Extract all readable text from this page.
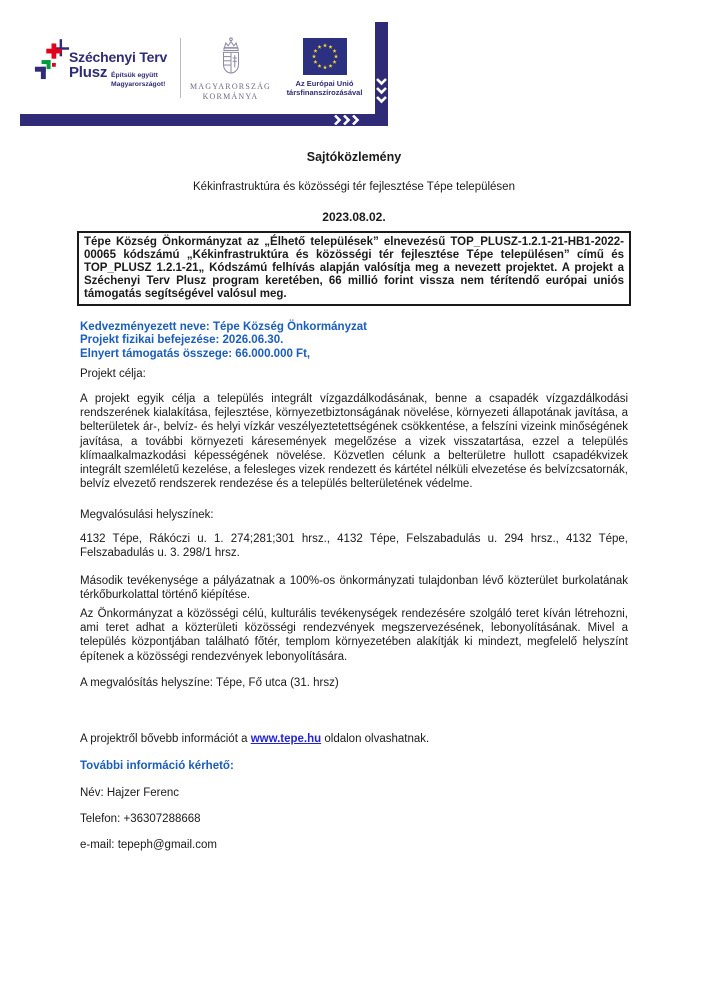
Széchenyi Terv
Plusz Építsük együtt
Magyarországot!	MAGYARORSZÁG
KORMÁNYA
Az Európai Unió
társfinanszírozásával
Sajtóközlemény
Kékinfrastruktúra és közösségi tér fejlesztése Tépe településen
2023.08.02.
Tépe Község Önkormányzat az „Élhető települések” elnevezésű TOP_PLUSZ-1.2.1-21-HB1-2022-00065 kódszámú „Kékinfrastruktúra és közösségi tér fejlesztése Tépe településen” című és TOP_PLUSZ 1.2.1-21„ Kódszámú felhívás alapján valósítja meg a nevezett projektet. A projekt a Széchenyi Terv Plusz program keretében, 66 millió forint vissza nem térítendő európai uniós támogatás segítségével valósul meg.
Kedvezményezett neve: Tépe Község Önkormányzat
Projekt fizikai befejezése: 2026.06.30.
Elnyert támogatás összege: 66.000.000 Ft,
Projekt célja:
A projekt egyik célja a település integrált vízgazdálkodásának, benne a csapadék vízgazdálkodási rendszerének kialakítása, fejlesztése, környezetbiztonságának növelése, környezeti állapotának javítása, a belterületek ár-, belvíz- és helyi vízkár veszélyeztetettségének csökkentése, a felszíni vizeink minőségének javítása, a további környezeti káresemények megelőzése a vizek visszatartása, ezzel a település klímaalkalmazkodási képességének növelése. Közvetlen célunk a belterületre hullott csapadékvizek integrált szemléletű kezelése, a felesleges vizek rendezett és kártétel nélküli elvezetése és belvízcsatornák, belvíz elvezető rendszerek rendezése és a település belterületének védelme.
Megvalósulási helyszínek:
4132 Tépe, Rákóczi u. 1. 274;281;301 hrsz., 4132 Tépe, Felszabadulás u. 294 hrsz., 4132 Tépe, Felszabadulás u. 3. 298/1 hrsz.
Második tevékenysége a pályázatnak a 100%-os önkormányzati tulajdonban lévő közterület burkolatának térkőburkolattal történő kiépítése.
Az Önkormányzat a közösségi célú, kulturális tevékenységek rendezésére szolgáló teret kíván létrehozni, ami teret adhat a közterületi közösségi rendezvények megszervezésének, lebonyolításának. Mivel a település központjában található főtér, templom környezetében alakítják ki mindezt, megfelelő helyszínt építenek a közösségi rendezvények lebonyolítására.
A megvalósítás helyszíne: Tépe, Fő utca (31. hrsz)
A projektről bővebb információt a www.tepe.hu oldalon olvashatnak.
További információ kérhető:
Név: Hajzer Ferenc
Telefon: +36307288668
e-mail: tepeph@gmail.com
